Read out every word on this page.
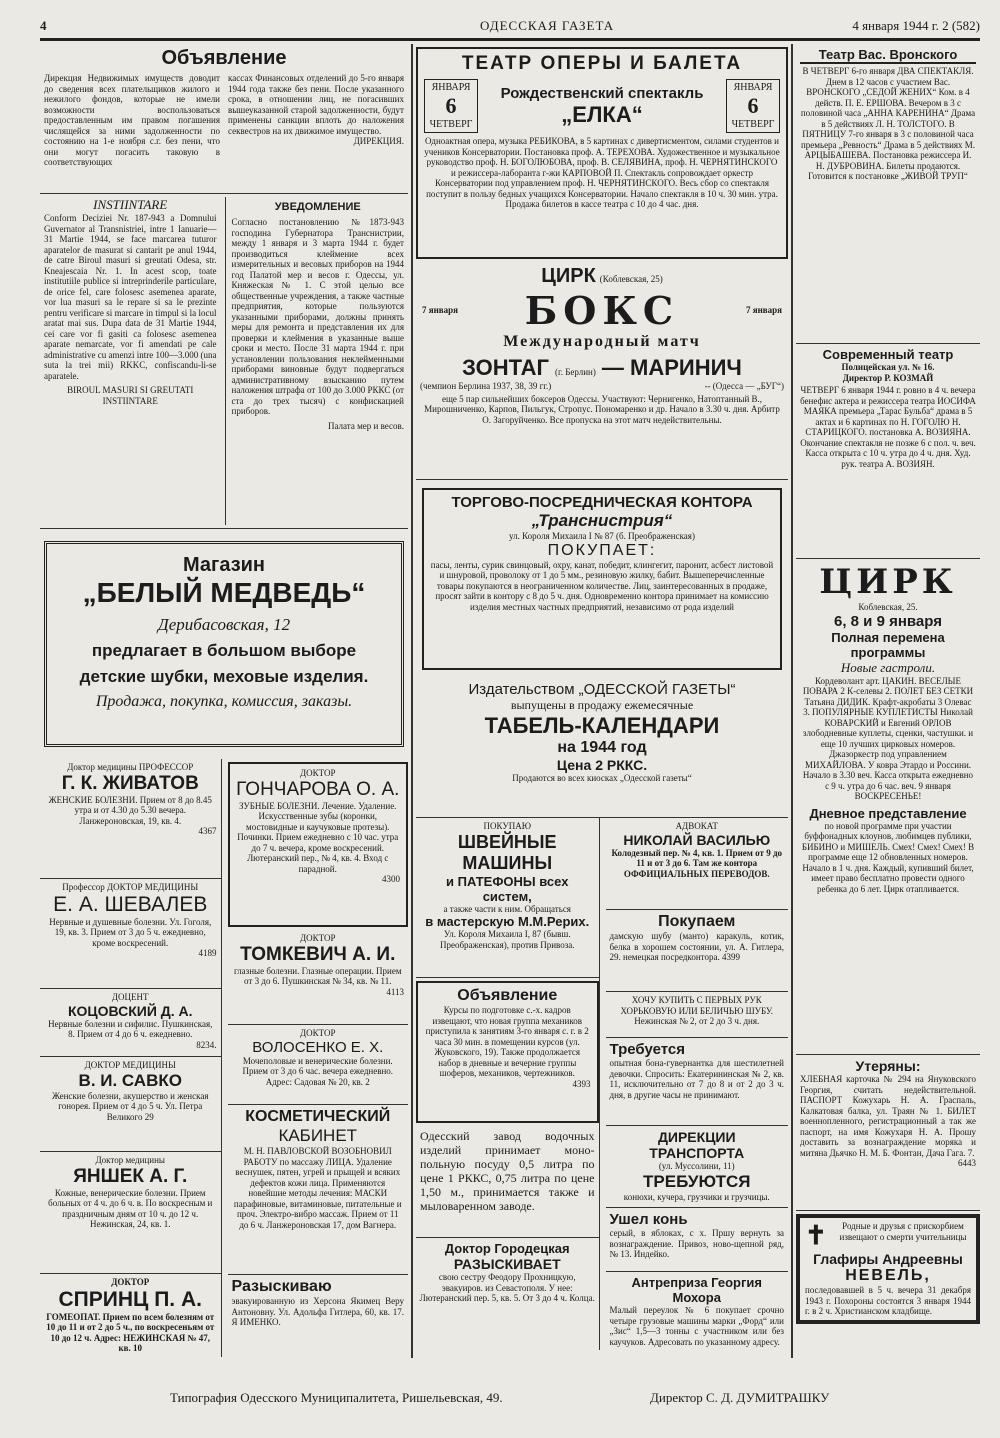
4	ОДЕССКАЯ ГАЗЕТА	4 января 1944 г. 2 (582)
Объявление
Дирекция Недвижимых имуществ доводит до сведения всех плательщиков жилого и нежилого фондов, которые не имели возможности воспользоваться предоставленным им правом погашения числящейся за ними задолженности по состоянию на 1-е ноября с.г. без пени, что они могут погасить таковую в соответствующих
кассах Финансовых отделений до 5-го января 1944 года также без пени. После указанного срока, в отношении лиц, не погасивших вышеуказанной старой задолженности, будут применены санкции вплоть до наложения секвестров на их движимое имущество.
ДИРЕКЦИЯ.
INSTIINTARE
Conform Deciziei Nr. 187-943 a Domnului Guvernator al Transnistriei, intre 1 Ianuarie—31 Martie 1944, se face marcarea tuturor aparatelor de masurat si cantarit pe anul 1944, de catre Biroul masuri si greutati Odesa, str. Kneajescaia Nr. 1. In acest scop, toate institutiile publice si intreprinderile particulare, de orice fel, care folosesc asemenea aparate, vor lua masuri sa le repare si sa le prezinte pentru verificare si marcare in timpul si la locul aratat mai sus. Dupa data de 31 Martie 1944, cei care vor fi gasiti ca folosesc asemenea aparate nemarcate, vor fi amendati pe cale administrative cu amenzi intre 100—3.000 (una suta la trei mii) RKKC, confiscandu-li-se aparatele.
BIROUL MASURI SI GREUTATI INSTIINTARE
УВЕДОМЛЕНИЕ
Согласно постановлению №1873-943 господина Губернатора Транснистрии, между 1 января и 3 марта 1944 г. будет производиться клеймение всех измерительных и весовых приборов на 1944 год Палатой мер и весов г. Одессы, ул. Княжеская № 1. С этой целью все общественные учреждения, а также частные предприятия, которые пользуются указанными приборами, должны принять меры для ремонта и представления их для проверки и клеймения в указанные выше сроки и место. После 31 марта 1944 г. при установлении пользования неклейменными приборами виновные будут подвергаться административному взысканию путем наложения штрафа от 100 до 3.000 РККС (от ста до трех тысяч) с конфискацией приборов.
Палата мер и весов.
Магазин
„БЕЛЫЙ МЕДВЕДЬ“
Дерибасовская, 12
предлагает в большом выборе
детские шубки, меховые изделия.
Продажа, покупка, комиссия, заказы.
Доктор медицины ПРОФЕССОР
Г. К. ЖИВАТОВ
ЖЕНСКИЕ БОЛЕЗНИ. Прием от 8 до 8.45 утра и от 4.30 до 5.30 вечера. Ланжероновская, 19, кв. 4.
4367
Профессор ДОКТОР МЕДИЦИНЫ
Е. А. ШЕВАЛЕВ
Нервные и душевные болезни. Ул. Гоголя, 19, кв. 3. Прием от 3 до 5 ч. ежедневно, кроме воскресений.
4189
ДОЦЕНТ
КОЦОВСКИЙ Д. А.
Нервные болезни и сифилис. Пушкинская, 8. Прием от 4 до 6 ч. ежедневно.
8234.
ДОКТОР МЕДИЦИНЫ
В. И. САВКО
Женские болезни, акушерство и женская гонорея. Прием от 4 до 5 ч. Ул. Петра Великого 29
Доктор медицины
ЯНШЕК А. Г.
Кожные, венерические болезни. Прием больных от 4 ч. до 6 ч. в. По воскресным и праздничным дням от 10 ч. до 12 ч. Нежинская, 24, кв. 1.
ДОКТОР
СПРИНЦ П. А.
ГОМЕОПАТ. Прием по всем болезням от 10 до 11 и от 2 до 5 ч., по воскресеньям от 10 до 12 ч. Адрес: НЕЖИНСКАЯ № 47, кв. 10
ДОКТОР
ГОНЧАРОВА О. А.
ЗУБНЫЕ БОЛЕЗНИ. Лечение. Удаление. Искусственные зубы (коронки, мостовидные и каучуковые протезы). Починки. Прием ежедневно с 10 час. утра до 7 ч. вечера, кроме воскресений. Лютеранский пер., № 4, кв. 4. Вход с парадной.
4300
ДОКТОР
ТОМКЕВИЧ А. И.
глазные болезни. Глазные операции. Прием от 3 до 6. Пушкинская № 34, кв. № 11.
4113
ДОКТОР
ВОЛОСЕНКО Е. Х.
Мочеполовые и венерические болезни. Прием от 3 до 6 час. вечера ежедневно. Адрес: Садовая № 20, кв. 2
КОСМЕТИЧЕСКИЙ
КАБИНЕТ
М. Н. ПАВЛОВСКОЙ ВОЗОБНОВИЛ РАБОТУ по массажу ЛИЦА. Удаление веснушек, пятен, угрей и прыщей и всяких дефектов кожи лица. Применяются новейшие методы лечения: МАСКИ парафиновые, витаминовые, питательные и проч. Электро-вибро массаж. Прием от 11 до 6 ч. Ланжероновская 17, дом Вагнера.
Разыскиваю
эвакуированную из Херсона Якимец Веру Антоновну. Ул. Адольфа Гитлера, 60, кв. 17. Я ИМЕНКО.
ТЕАТР ОПЕРЫ И БАЛЕТА
ЯНВАРЯ
6
ЧЕТВЕРГ
Рождественский спектакль
„ЕЛКА“
ЯНВАРЯ
6
ЧЕТВЕРГ
Одноактная опера, музыка РЕБИКОВА, в 5 картинах с дивертисментом, силами студентов и учеников Консерватории. Постановка проф. А. ТЕРЕХОВА. Художественное и музыкальное руководство проф. Н. БОГОЛЮБОВА, проф. В. СЕЛЯВИНА, проф. Н. ЧЕРНЯТИНСКОГО и режиссера-лаборанта г-жи КАРПОВОЙ П. Спектакль сопровождает оркестр Консерватории под управлением проф. Н. ЧЕРНЯТИНСКОГО. Весь сбор со спектакля поступит в пользу бедных учащихся Консерватории. Начало спектакля в 10 ч. 30 мин. утра. Продажа билетов в кассе театра с 10 до 4 час. дня.
ЦИРК (Коблевская, 25)
7 января БОКС	7 января
Международный матч
ЗОНТАГ (г. Берлин) — МАРИНИЧ
(чемпион Берлина 1937, 38, 39 гг.)	-- (Одесса — „БУГ“)
еще 5 пар сильнейших боксеров Одессы. Участвуют: Чернигенко, Натоптанный В., Мирошниченко, Карпов, Пильгук, Стропус. Пономаренко и др. Начало в 3.30 ч. дня. Арбитр О. Загоруйченко. Все пропуска на этот матч недействительны.
ТОРГОВО-ПОСРЕДНИЧЕСКАЯ КОНТОРА
„Транснистрия“
ул. Короля Михаила I № 87 (б. Преображенская)
ПОКУПАЕТ:
пасы, ленты, сурик свинцовый, охру, канат, победит, клингегит, паронит, асбест листовой и шнуровой, проволоку от 1 до 5 мм., резиновую жилку, бабит. Вышеперечисленные товары покупаются в неограниченном количестве. Лиц, заинтересованных в продаже, просят зайти в контору с 8 до 5 ч. дня. Одновременно контора принимает на комиссию изделия местных частных предприятий, независимо от рода изделий
Издательством „ОДЕССКОЙ ГАЗЕТЫ“
выпущены в продажу ежемесячные
ТАБЕЛЬ-КАЛЕНДАРИ
на 1944 год
Цена 2 РККС.
Продаются во всех киосках „Одесской газеты“
ПОКУПАЮ
ШВЕЙНЫЕ МАШИНЫ
и ПАТЕФОНЫ всех систем,
а также части к ним. Обращаться
в мастерскую М.М.Рерих.
Ул. Короля Михаила I, 87 (бывш. Преображенская), против Привоза.
Объявление
Курсы по подготовке с.-х. кадров извещают, что новая группа механиков приступила к занятиям 3-го января с. г. в 2 часа 30 мин. в помещении курсов (ул. Жуковского, 19). Также продолжается набор в дневные и вечерние группы шоферов, механиков, чертежников.
4393
Одесский завод водочных изделий принимает моно-польную посуду 0,5 литра по цене 1 РККС, 0,75 литра по цене 1,50 м., принимается также и мыловаренном заводе.
Доктор Городецкая
РАЗЫСКИВАЕТ
свою сестру Феодору Прохницкую, эвакуиров. из Севастополя. У нее: Лютеранский пер. 5, кв. 5. От 3 до 4 ч. Колца.
АДВОКАТ
НИКОЛАЙ ВАСИЛЬЮ
Колодезный пер. № 4, кв. 1. Прием от 9 до 11 и от 3 до 6. Там же контора ОФФИЦИАЛЬНЫХ ПЕРЕВОДОВ.
Покупаем
дамскую шубу (манто) каракуль, котик, белка в хорошем состоянии, ул. А. Гитлера, 29. немецкая посредконтора. 4399
ХОЧУ КУПИТЬ С ПЕРВЫХ РУК ХОРЬКОВУЮ ИЛИ БЕЛИЧЬЮ ШУБУ. Нежинская № 2, от 2 до 3 ч. дня.
Требуется
опытная бона-гувернантка для шестилетней девочки. Спросить: Екатерининская № 2, кв. 11, исключительно от 7 до 8 и от 2 до 3 ч. дня, в другие часы не принимают.
ДИРЕКЦИИ ТРАНСПОРТА
(ул. Муссолини, 11)
ТРЕБУЮТСЯ
конюхи, кучера, грузчики и грузчицы.
Ушел конь
серый, в яблоках, с х. Пршу вернуть за вознаграждение. Привоз, ново-щепной ряд, № 13. Индейко.
Антреприза Георгия Мохора
Малый переулок № 6 покупает срочно четыре грузовые машины марки „Форд“ или „Зис“ 1,5—3 тонны с участником или без каучуков. Адресовать по указанному адресу.
Театр Вас. Вронского
В ЧЕТВЕРГ 6-го января ДВА СПЕКТАКЛЯ. Днем в 12 часов с участием Вас. ВРОНСКОГО „СЕДОЙ ЖЕНИХ“ Ком. в 4 действ. П. Е. ЕРШОВА. Вечером в 3 с половиной часа „АННА КАРЕНИНА“ Драма в 5 действиях Л. Н. ТОЛСТОГО. В ПЯТНИЦУ 7-го января в 3 с половиной часа премьера „Ревность“ Драма в 5 действиях М. АРЦЫБАШЕВА. Постановка режиссера И. Н. ДУБРОВИНА. Билеты продаются. Готовится к постановке „ЖИВОЙ ТРУП“
Современный театр
Полицейская ул. № 16.
Директор Р. КОЗМАЙ
ЧЕТВЕРГ 6 января 1944 г. ровно в 4 ч. вечера бенефис актера и режиссера театра ИОСИФА МАЯКА премьера „Тарас Бульба“ драма в 5 актах и 6 картинах по Н. ГОГОЛЮ Н. СТАРИЦКОГО. постановка А. ВОЗИЯНА. Окончание спектакля не позже 6 с пол. ч. веч. Касса открыта с 10 ч. утра до 4 ч. дня. Худ. рук. театра А. ВОЗИЯН.
ЦИРК
Коблевская, 25.
6, 8 и 9 января
Полная перемена программы
Новые гастроли.
Кордеволант арт. ЦАКИН. ВЕСЕЛЫЕ ПОВАРА 2 К-селевы 2. ПОЛЕТ БЕЗ СЕТКИ Татьяна ДИДИК. Крафт-акробаты 3 Олевас 3. ПОПУЛЯРНЫЕ КУПЛЕТИСТЫ Николай КОВАРСКИЙ и Евгений ОРЛОВ злободневные куплеты, сценки, частушки. и еще 10 лучших цирковых номеров. Джазоркестр под управлением МИХАЙЛОВА. У ковра Этардо и Россини. Начало в 3.30 веч. Касса открыта ежедневно с 9 ч. утра до 6 час. веч. 9 января ВОСКРЕСЕНЬЕ!
Дневное представление
по новой программе при участии буффонадных клоунов, любимцев публики, БИБИНО и МИШЕЛЬ. Смех! Смех! Смех! В программе еще 12 обновленных номеров. Начало в 1 ч. дня. Каждый, купивший билет, имеет право бесплатно провести одного ребенка до 6 лет. Цирк отапливается.
Утеряны:
ХЛЕБНАЯ карточка № 294 на Януковского Георгия, считать недействительной. ПАСПОРТ Кожухарь Н. А. Граспаль, Калкатовая балка, ул. Траян № 1. БИЛЕТ военнопленного, регистрационный а так же паспорт, на имя Кожухаря Н. А. Прошу доставить за вознаграждение моряка и митяна Дьячко Н. М. Б. Фонтан, Дача Гага. 7.
6443
✝	Родные и друзья с прискорбием извещают о смерти учительницы
Глафиры Андреевны
НЕВЕЛЬ,
последовавшей в 5 ч. вечера 31 декабря 1943 г. Похороны состоятся 3 января 1944 г. в 2 ч. Христианском кладбище.
Типография Одесского Муниципалитета, Ришельевская, 49.	Директор С. Д. ДУМИТРАШКУ
